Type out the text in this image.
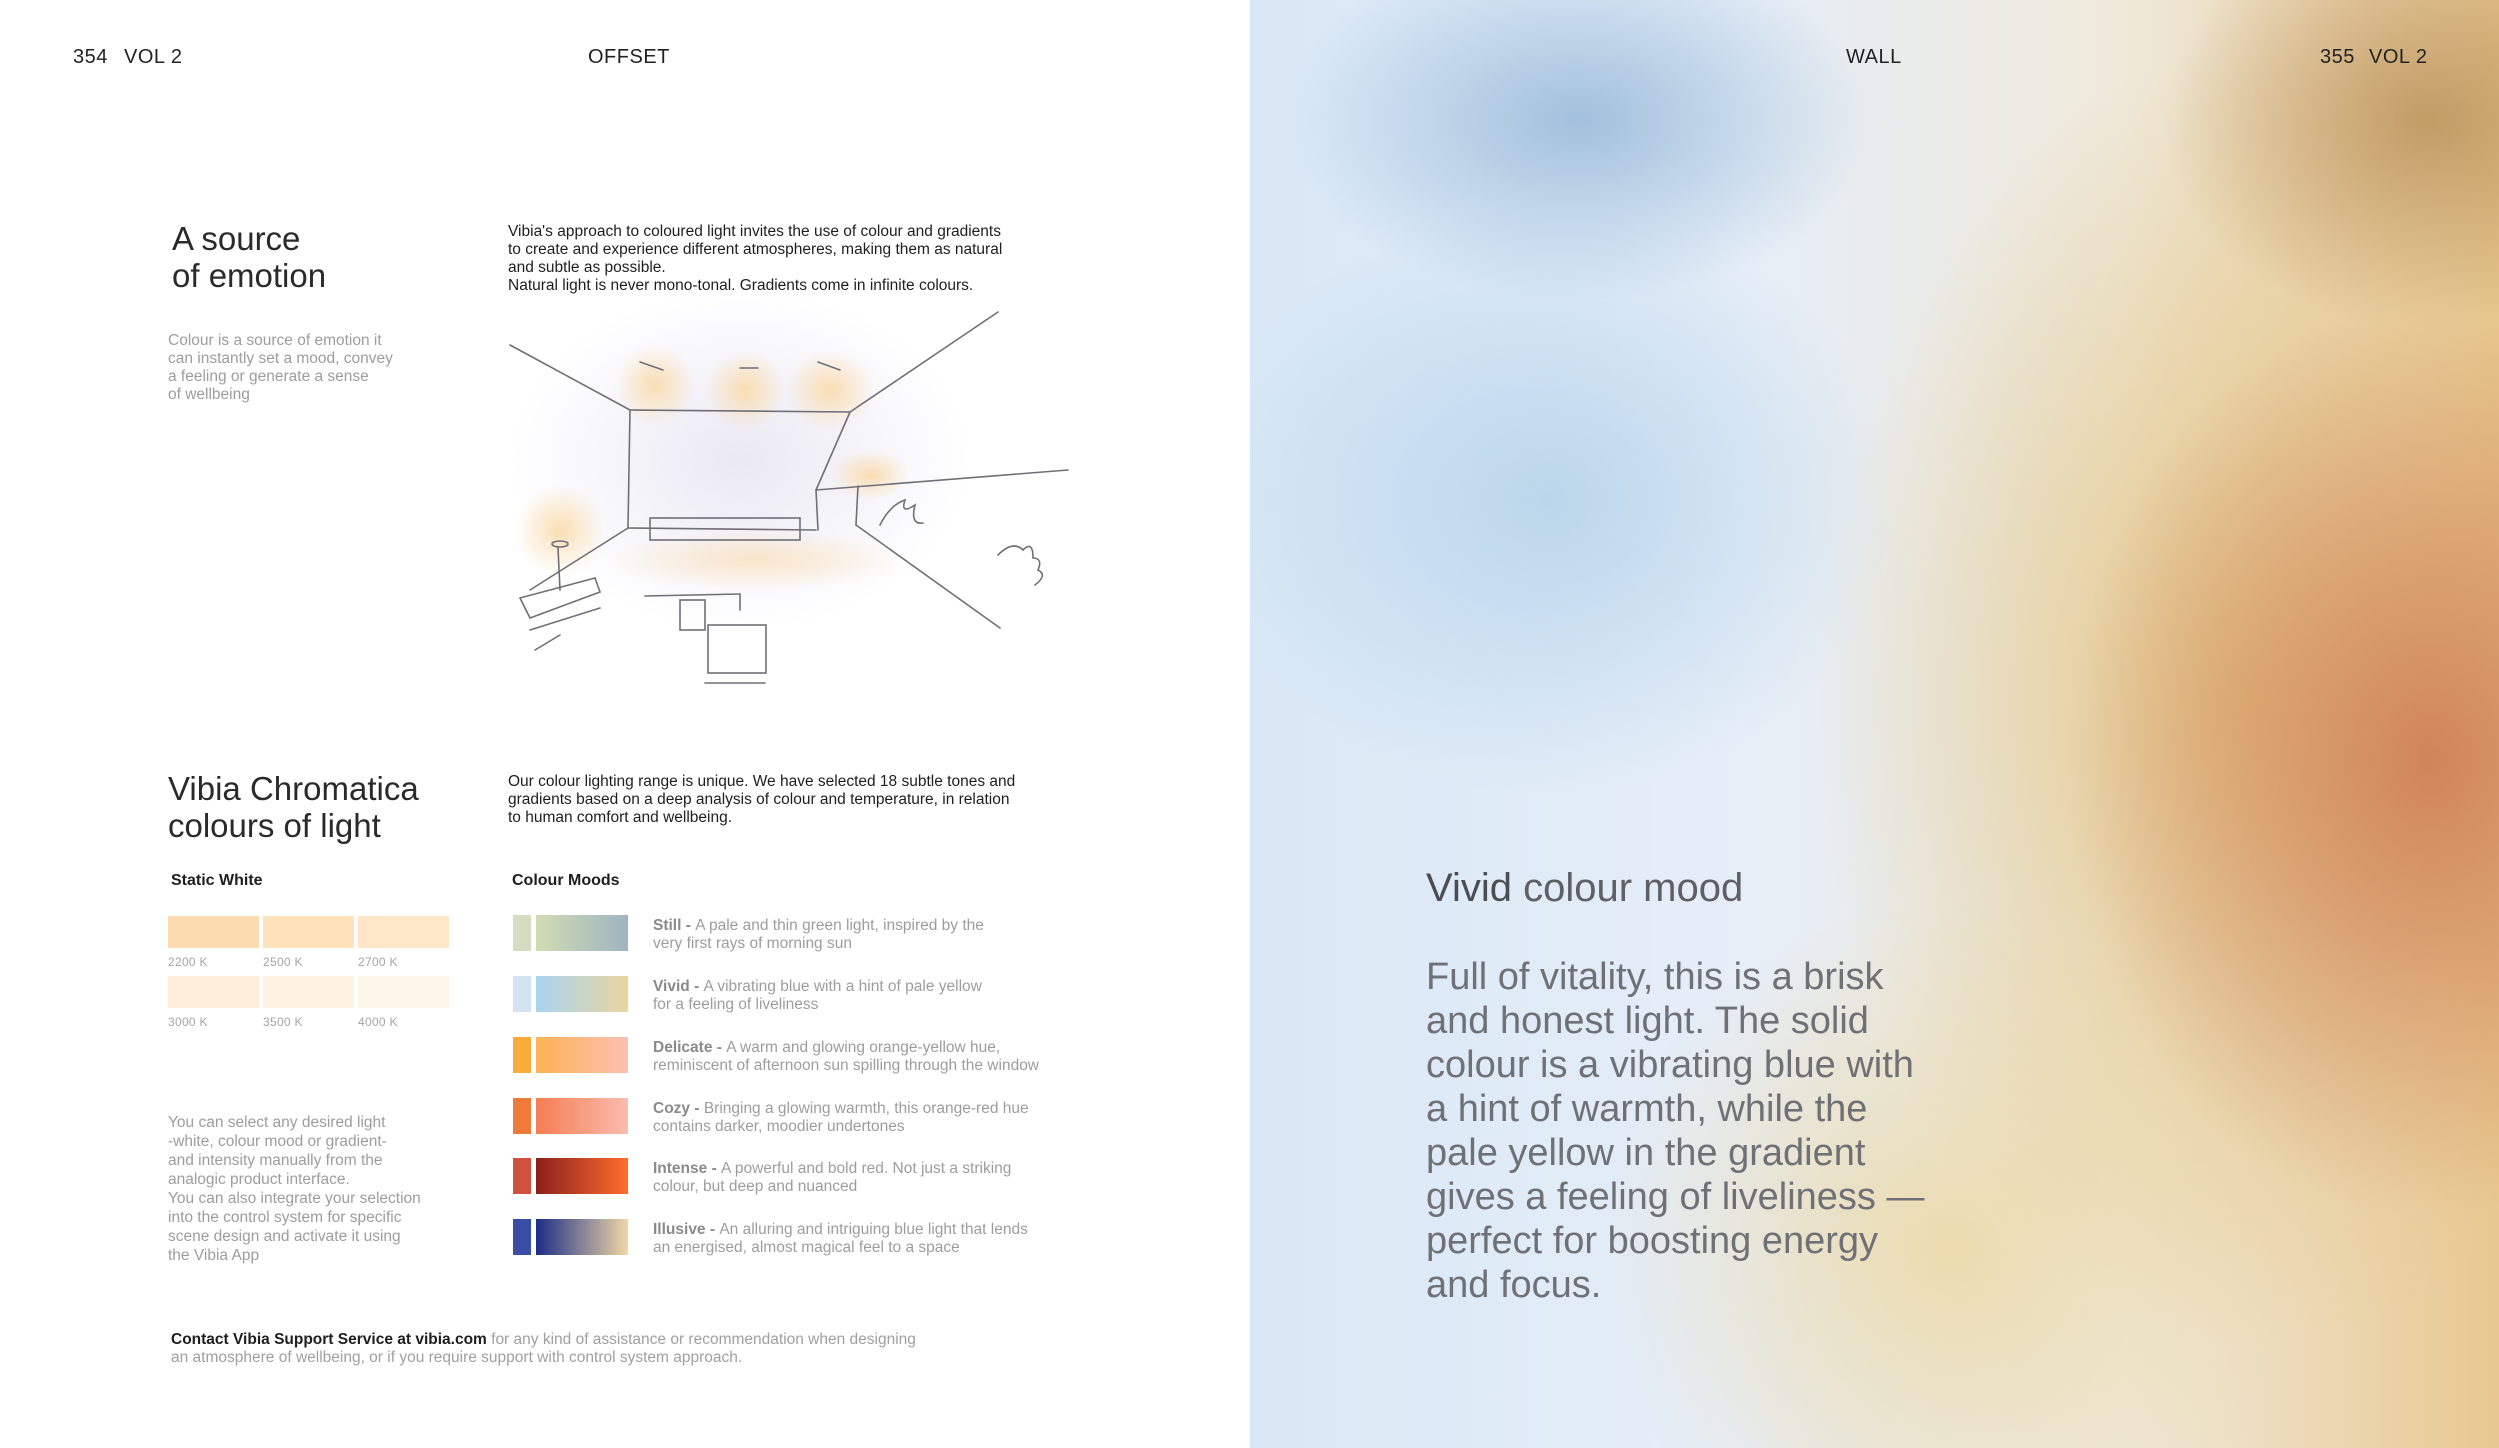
354 VOL 2	OFFSET
A source
of emotion
Colour is a source of emotion it
can instantly set a mood, convey
a feeling or generate a sense
of wellbeing
Vibia's approach to coloured light invites the use of colour and gradients
to create and experience different atmospheres, making them as natural
and subtle as possible.
Natural light is never mono-tonal. Gradients come in infinite colours.
Vibia Chromatica
colours of light
Our colour lighting range is unique. We have selected 18 subtle tones and
gradients based on a deep analysis of colour and temperature, in relation
to human comfort and wellbeing.
Static White
2200 K	2500 K	2700 K
3000 K	3500 K	4000 K
You can select any desired light
-white, colour mood or gradient-
and intensity manually from the
analogic product interface.
You can also integrate your selection
into the control system for specific
scene design and activate it using
the Vibia App
Colour Moods
Still - A pale and thin green light, inspired by the
very first rays of morning sun
Vivid - A vibrating blue with a hint of pale yellow
for a feeling of liveliness
Delicate - A warm and glowing orange-yellow hue,
reminiscent of afternoon sun spilling through the window
Cozy - Bringing a glowing warmth, this orange-red hue
contains darker, moodier undertones
Intense - A powerful and bold red. Not just a striking
colour, but deep and nuanced
Illusive - An alluring and intriguing blue light that lends
an energised, almost magical feel to a space
Contact Vibia Support Service at vibia.com for any kind of assistance or recommendation when designing
an atmosphere of wellbeing, or if you require support with control system approach.
WALL	355 VOL 2
Vivid colour mood
Full of vitality, this is a brisk
and honest light. The solid
colour is a vibrating blue with
a hint of warmth, while the
pale yellow in the gradient
gives a feeling of liveliness —
perfect for boosting energy
and focus.
